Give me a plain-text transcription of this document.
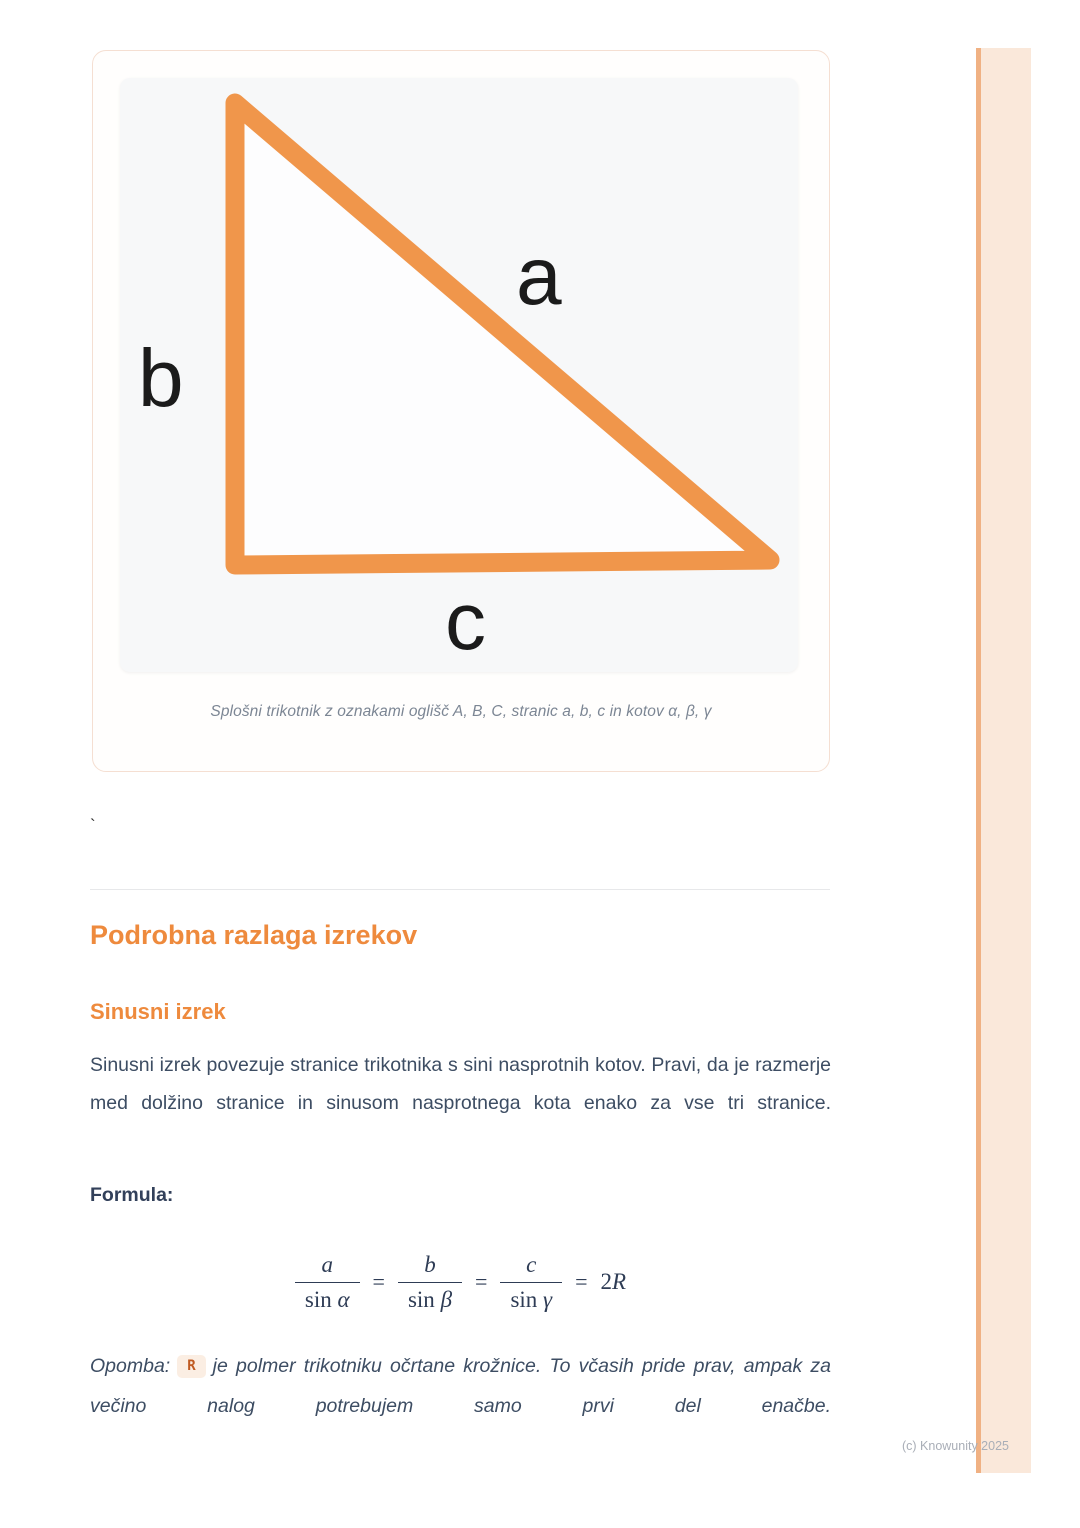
a
b
c
Splošni trikotnik z oznakami oglišč A, B, C, stranic a, b, c in kotov α, β, γ
`
Podrobna razlaga izrekov
Sinusni izrek

Sinusni izrek povezuje stranice trikotnika s sini nasprotnih kotov. Pravi, da je razmerje med dolžino stranice in sinusom nasprotnega kota enako za vse tri stranice.

Formula:
$\frac{a}{\text{sin α}} = \frac{b}{\text{sin β}} = \frac{c}{\text{sin γ}} = 2R$

Opomba: R je polmer trikotniku očrtane krožnice. To včasih pride prav, ampak za večino nalog potrebujem samo prvi del enačbe.

(c) Knowunity 2025
